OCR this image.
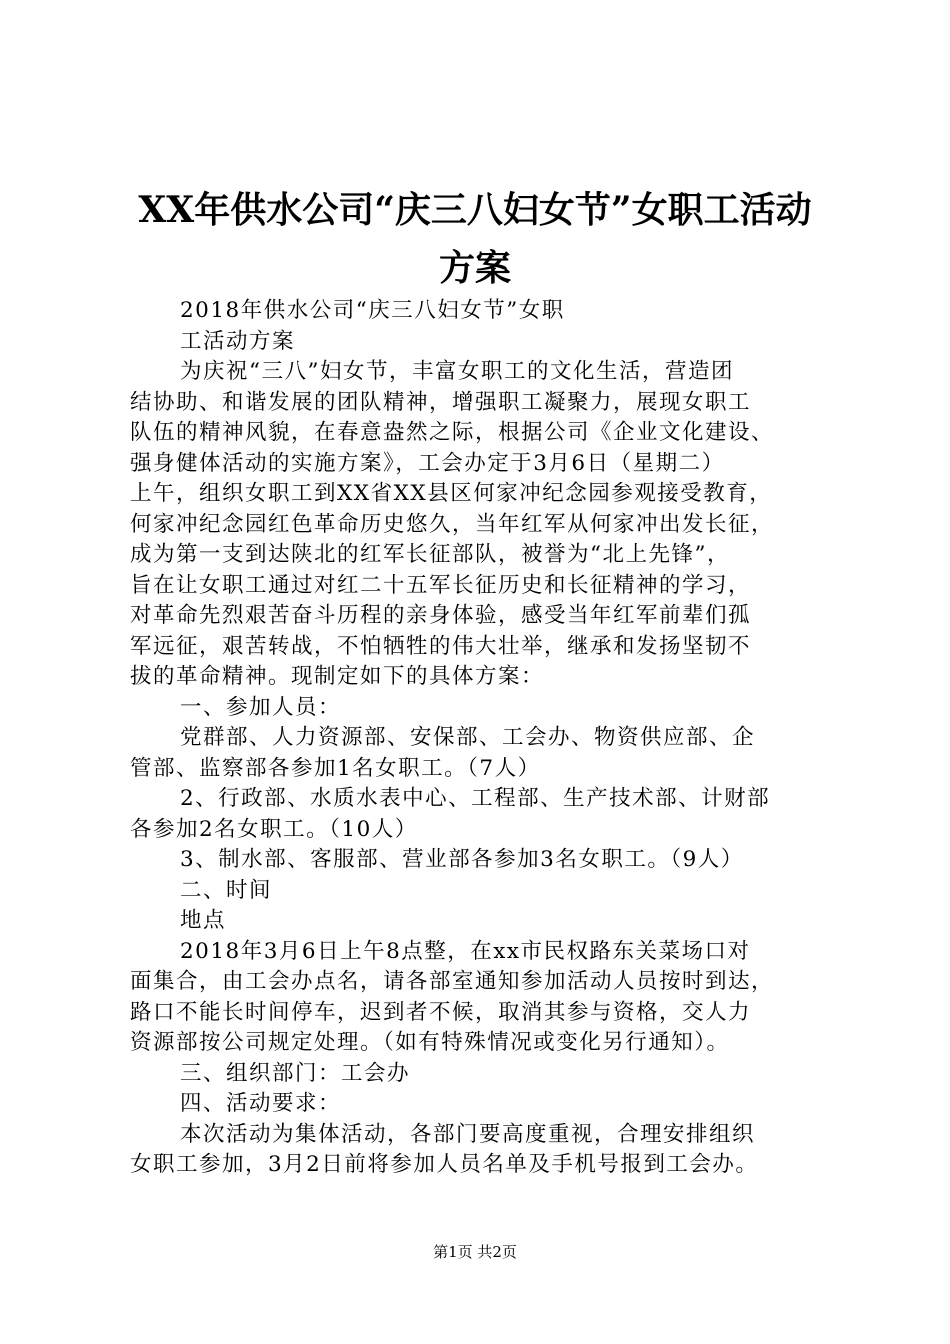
XX年供水公司“庆三八妇女节”女职工活动
方案
2018年供水公司“庆三八妇女节”女职
工活动方案
为庆祝“三八”妇女节，丰富女职工的文化生活，营造团
结协助、和谐发展的团队精神，增强职工凝聚力，展现女职工
队伍的精神风貌，在春意盎然之际，根据公司《企业文化建设、
强身健体活动的实施方案》，工会办定于3月6日（星期二）
上午，组织女职工到XX省XX县区何家冲纪念园参观接受教育，
何家冲纪念园红色革命历史悠久，当年红军从何家冲出发长征，
成为第一支到达陕北的红军长征部队，被誉为“北上先锋”，
旨在让女职工通过对红二十五军长征历史和长征精神的学习，
对革命先烈艰苦奋斗历程的亲身体验，感受当年红军前辈们孤
军远征，艰苦转战，不怕牺牲的伟大壮举，继承和发扬坚韧不
拔的革命精神。现制定如下的具体方案：
一、参加人员：
党群部、人力资源部、安保部、工会办、物资供应部、企
管部、监察部各参加1名女职工。（7人）
2、行政部、水质水表中心、工程部、生产技术部、计财部
各参加2名女职工。（10人）
3、制水部、客服部、营业部各参加3名女职工。（9人）
二、时间
地点
2018年3月6日上午8点整，在xx市民权路东关菜场口对
面集合，由工会办点名，请各部室通知参加活动人员按时到达，
路口不能长时间停车，迟到者不候，取消其参与资格，交人力
资源部按公司规定处理。（如有特殊情况或变化另行通知）。
三、组织部门：工会办
四、活动要求：
本次活动为集体活动，各部门要高度重视，合理安排组织
女职工参加，3月2日前将参加人员名单及手机号报到工会办。
第1页 共2页
